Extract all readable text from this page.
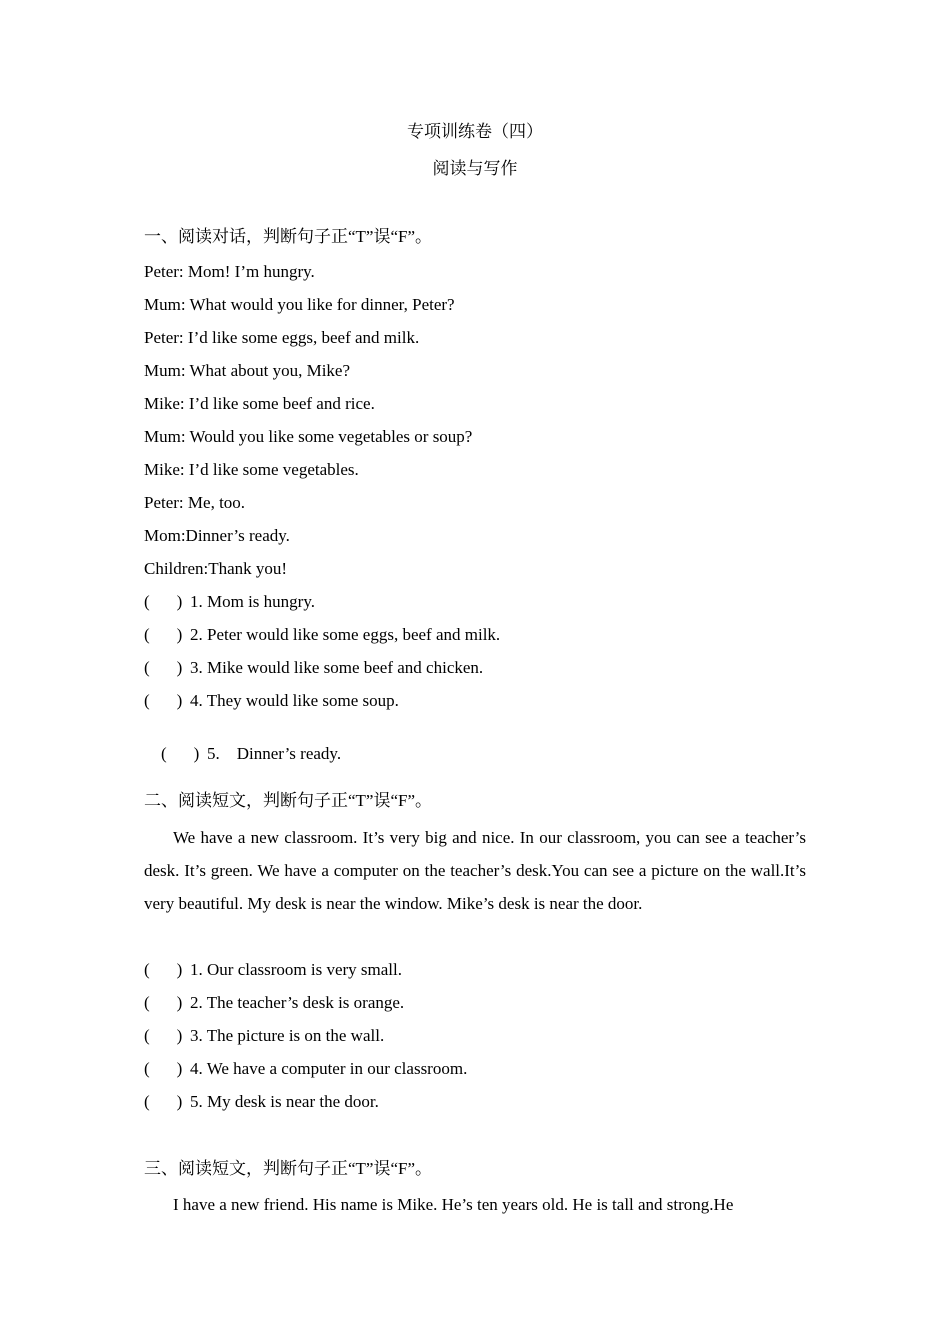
专项训练卷（四）
阅读与写作
一、阅读对话，判断句子正“T”误“F”。
Peter: Mom! I’m hungry.
Mum: What would you like for dinner, Peter?
Peter: I’d like some eggs, beef and milk.
Mum: What about you, Mike?
Mike: I’d like some beef and rice.
Mum: Would you like some vegetables or soup?
Mike: I’d like some vegetables.
Peter: Me, too.
Mom:Dinner’s ready.
Children:Thank you!
( ) 1. Mom is hungry.
( ) 2. Peter would like some eggs, beef and milk.
( ) 3. Mike would like some beef and chicken.
( ) 4. They would like some soup.

( ) 5.    Dinner’s ready.

二、阅读短文，判断句子正“T”误“F”。
We have a new classroom. It’s very big and nice. In our classroom, you can see a teacher’s desk. It’s green. We have a computer on the teacher’s desk.You can see a picture on the wall.It’s very beautiful. My desk is near the window. Mike’s desk is near the door.
( ) 1. Our classroom is very small.
( ) 2. The teacher’s desk is orange.
( ) 3. The picture is on the wall.
( ) 4. We have a computer in our classroom.
( ) 5. My desk is near the door.
三、阅读短文，判断句子正“T”误“F”。
I have a new friend. His name is Mike. He’s ten years old. He is tall and strong.He
